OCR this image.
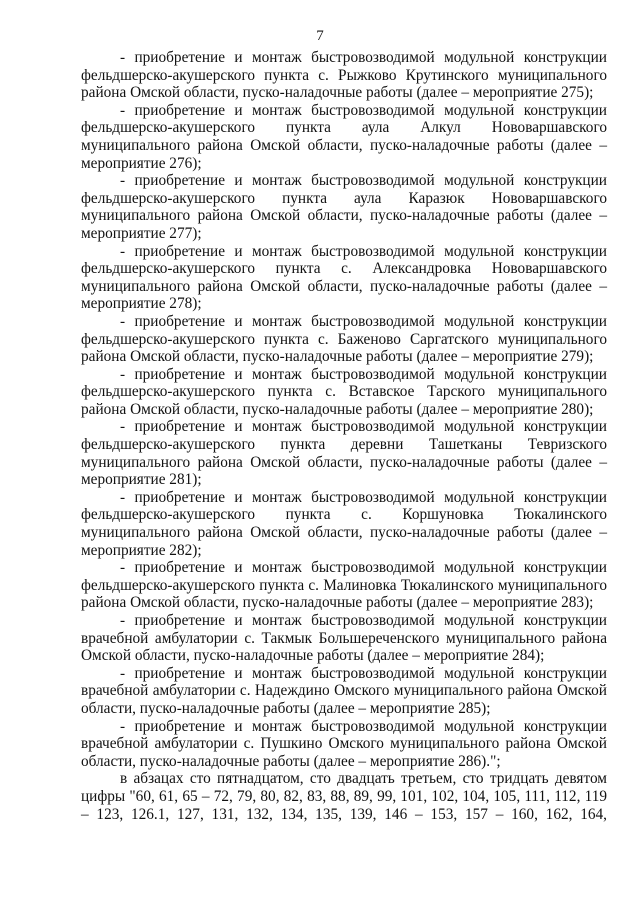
7

- приобретение и монтаж быстровозводимой модульной конструкции фельдшерско-акушерского пункта с. Рыжково Крутинского муниципального района Омской области, пуско-наладочные работы (далее – мероприятие 275);

- приобретение и монтаж быстровозводимой модульной конструкции фельдшерско-акушерского пункта аула Алкул Нововаршавского муниципального района Омской области, пуско-наладочные работы (далее – мероприятие 276);

- приобретение и монтаж быстровозводимой модульной конструкции фельдшерско-акушерского пункта аула Каразюк Нововаршавского муниципального района Омской области, пуско-наладочные работы (далее – мероприятие 277);

- приобретение и монтаж быстровозводимой модульной конструкции фельдшерско-акушерского пункта с. Александровка Нововаршавского муниципального района Омской области, пуско-наладочные работы (далее – мероприятие 278);

- приобретение и монтаж быстровозводимой модульной конструкции фельдшерско-акушерского пункта с. Баженово Саргатского муниципального района Омской области, пуско-наладочные работы (далее – мероприятие 279);

- приобретение и монтаж быстровозводимой модульной конструкции фельдшерско-акушерского пункта с. Вставское Тарского муниципального района Омской области, пуско-наладочные работы (далее – мероприятие 280);

- приобретение и монтаж быстровозводимой модульной конструкции фельдшерско-акушерского пункта деревни Ташетканы Тевризского муниципального района Омской области, пуско-наладочные работы (далее – мероприятие 281);

- приобретение и монтаж быстровозводимой модульной конструкции фельдшерско-акушерского пункта с. Коршуновка Тюкалинского муниципального района Омской области, пуско-наладочные работы (далее – мероприятие 282);

- приобретение и монтаж быстровозводимой модульной конструкции фельдшерско-акушерского пункта с. Малиновка Тюкалинского муниципального района Омской области, пуско-наладочные работы (далее – мероприятие 283);

- приобретение и монтаж быстровозводимой модульной конструкции врачебной амбулатории с. Такмык Большереченского муниципального района Омской области, пуско-наладочные работы (далее – мероприятие 284);

- приобретение и монтаж быстровозводимой модульной конструкции врачебной амбулатории с. Надеждино Омского муниципального района Омской области, пуско-наладочные работы (далее – мероприятие 285);

- приобретение и монтаж быстровозводимой модульной конструкции врачебной амбулатории с. Пушкино Омского муниципального района Омской области, пуско-наладочные работы (далее – мероприятие 286).";

в абзацах сто пятнадцатом, сто двадцать третьем, сто тридцать девятом цифры "60, 61, 65 – 72, 79, 80, 82, 83, 88, 89, 99, 101, 102, 104, 105, 111, 112, 119 – 123, 126.1, 127, 131, 132, 134, 135, 139, 146 – 153, 157 – 160, 162, 164,
